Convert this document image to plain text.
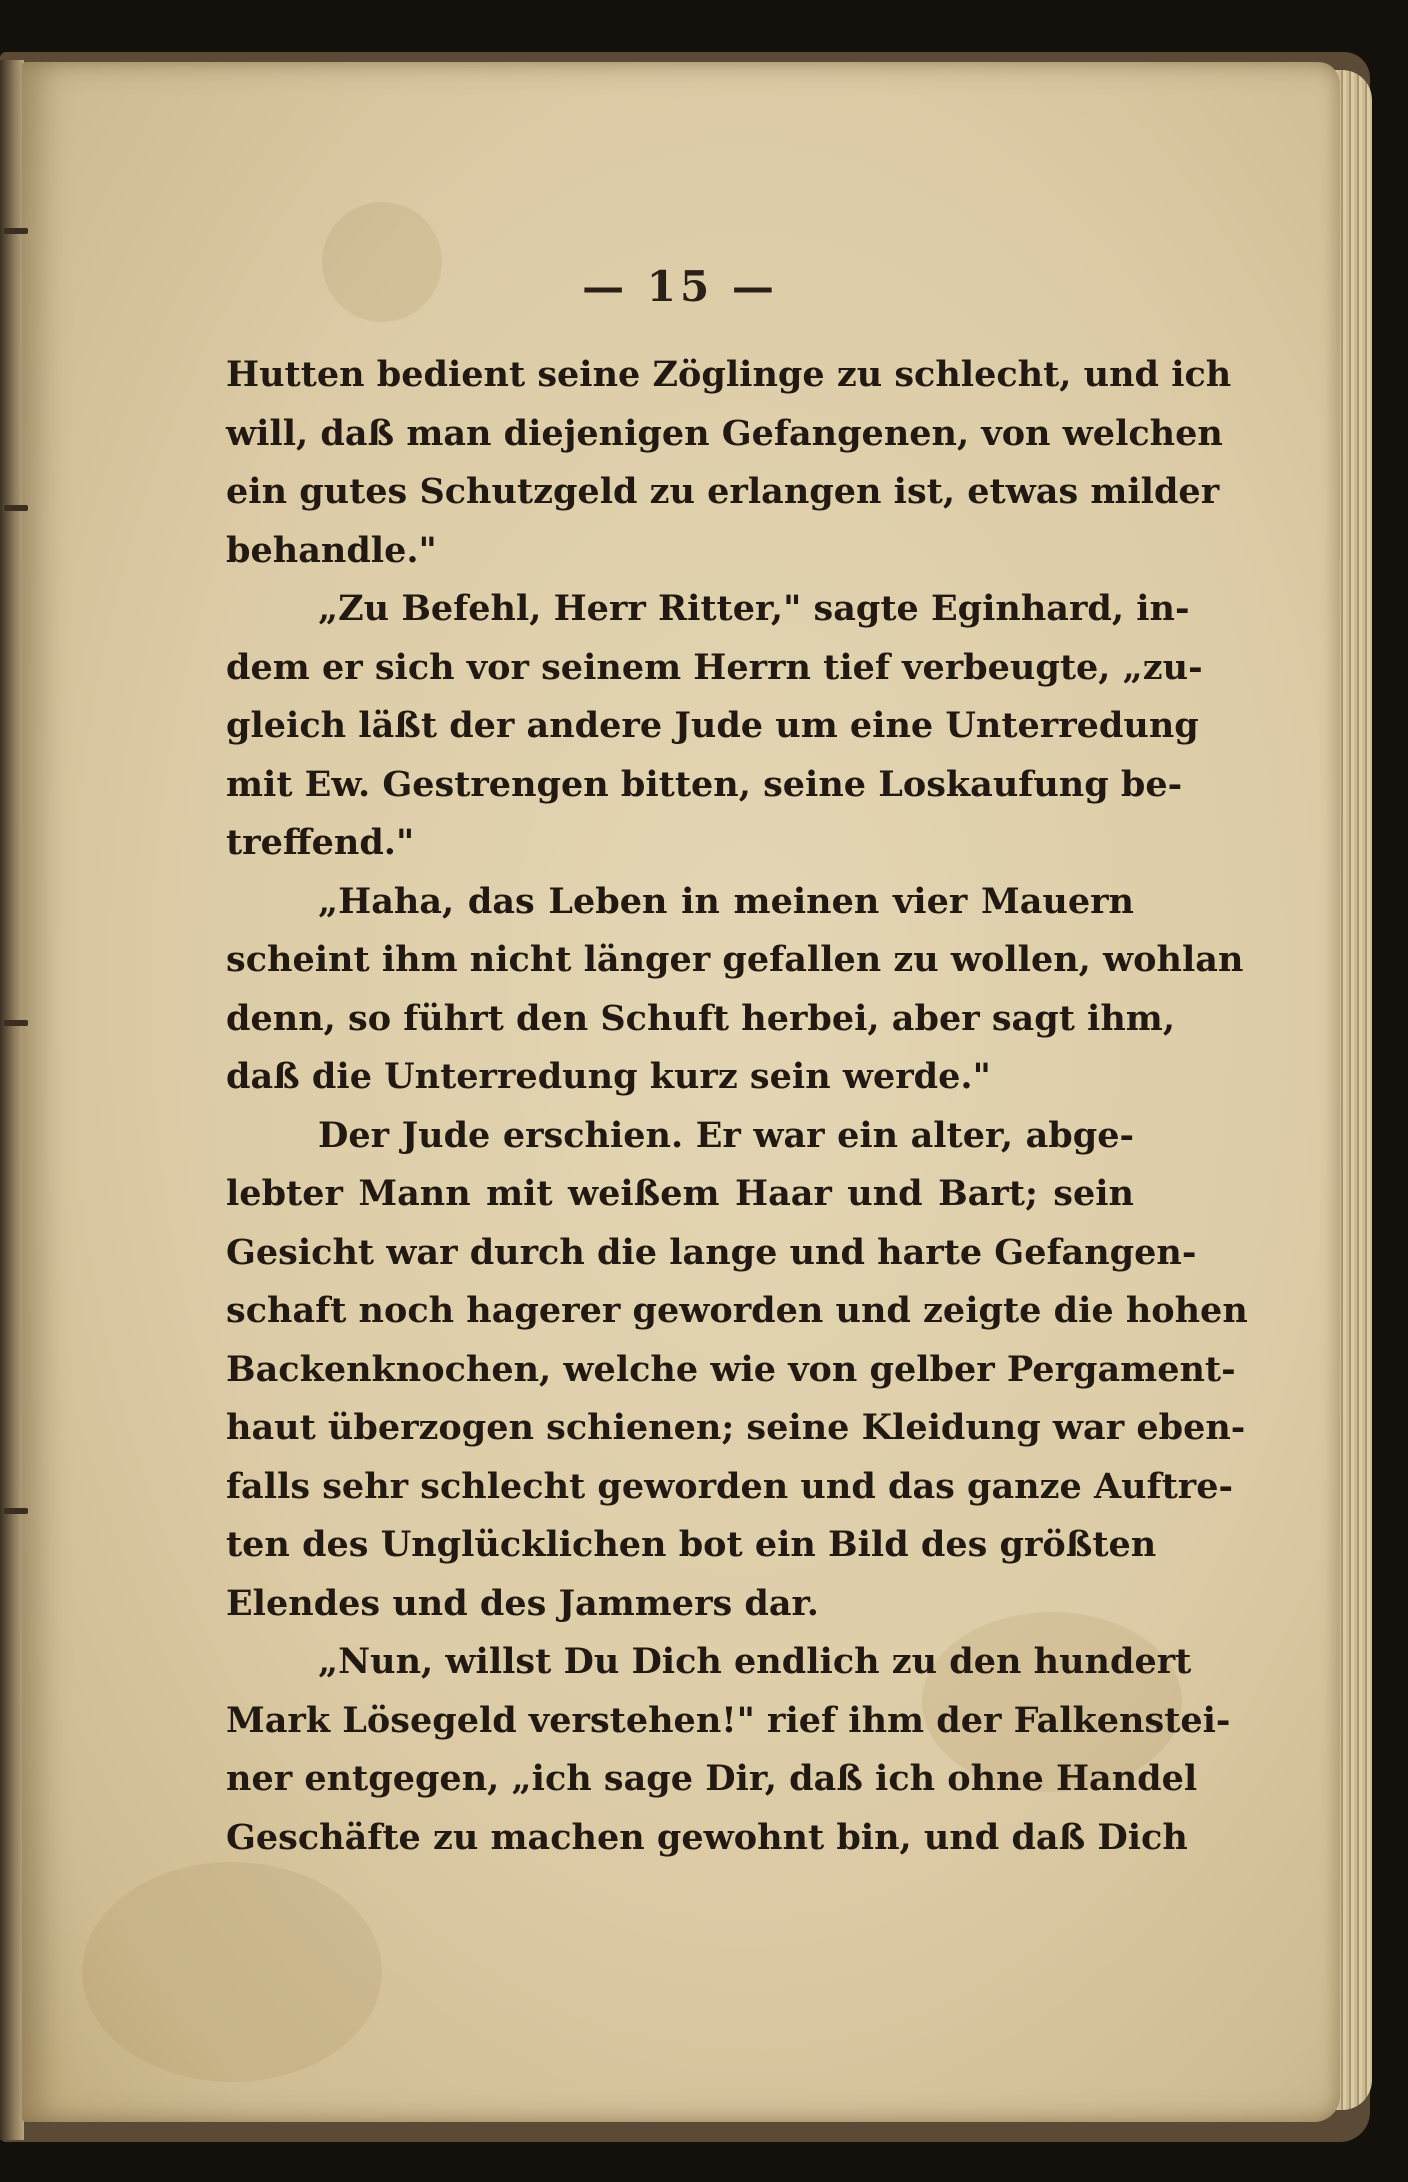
— 15 —
Hutten bedient seine Zöglinge zu schlecht, und ich
will, daß man diejenigen Gefangenen, von welchen
ein gutes Schutzgeld zu erlangen ist, etwas milder
behandle."
„Zu Befehl, Herr Ritter," sagte Eginhard, in-
dem er sich vor seinem Herrn tief verbeugte, „zu-
gleich läßt der andere Jude um eine Unterredung
mit Ew. Gestrengen bitten, seine Loskaufung be-
treffend."
„Haha, das Leben in meinen vier Mauern
scheint ihm nicht länger gefallen zu wollen, wohlan
denn, so führt den Schuft herbei, aber sagt ihm,
daß die Unterredung kurz sein werde."
Der Jude erschien. Er war ein alter, abge-
lebter Mann mit weißem Haar und Bart; sein
Gesicht war durch die lange und harte Gefangen-
schaft noch hagerer geworden und zeigte die hohen
Backenknochen, welche wie von gelber Pergament-
haut überzogen schienen; seine Kleidung war eben-
falls sehr schlecht geworden und das ganze Auftre-
ten des Unglücklichen bot ein Bild des größten
Elendes und des Jammers dar.
„Nun, willst Du Dich endlich zu den hundert
Mark Lösegeld verstehen!" rief ihm der Falkenstei-
ner entgegen, „ich sage Dir, daß ich ohne Handel
Geschäfte zu machen gewohnt bin, und daß Dich
